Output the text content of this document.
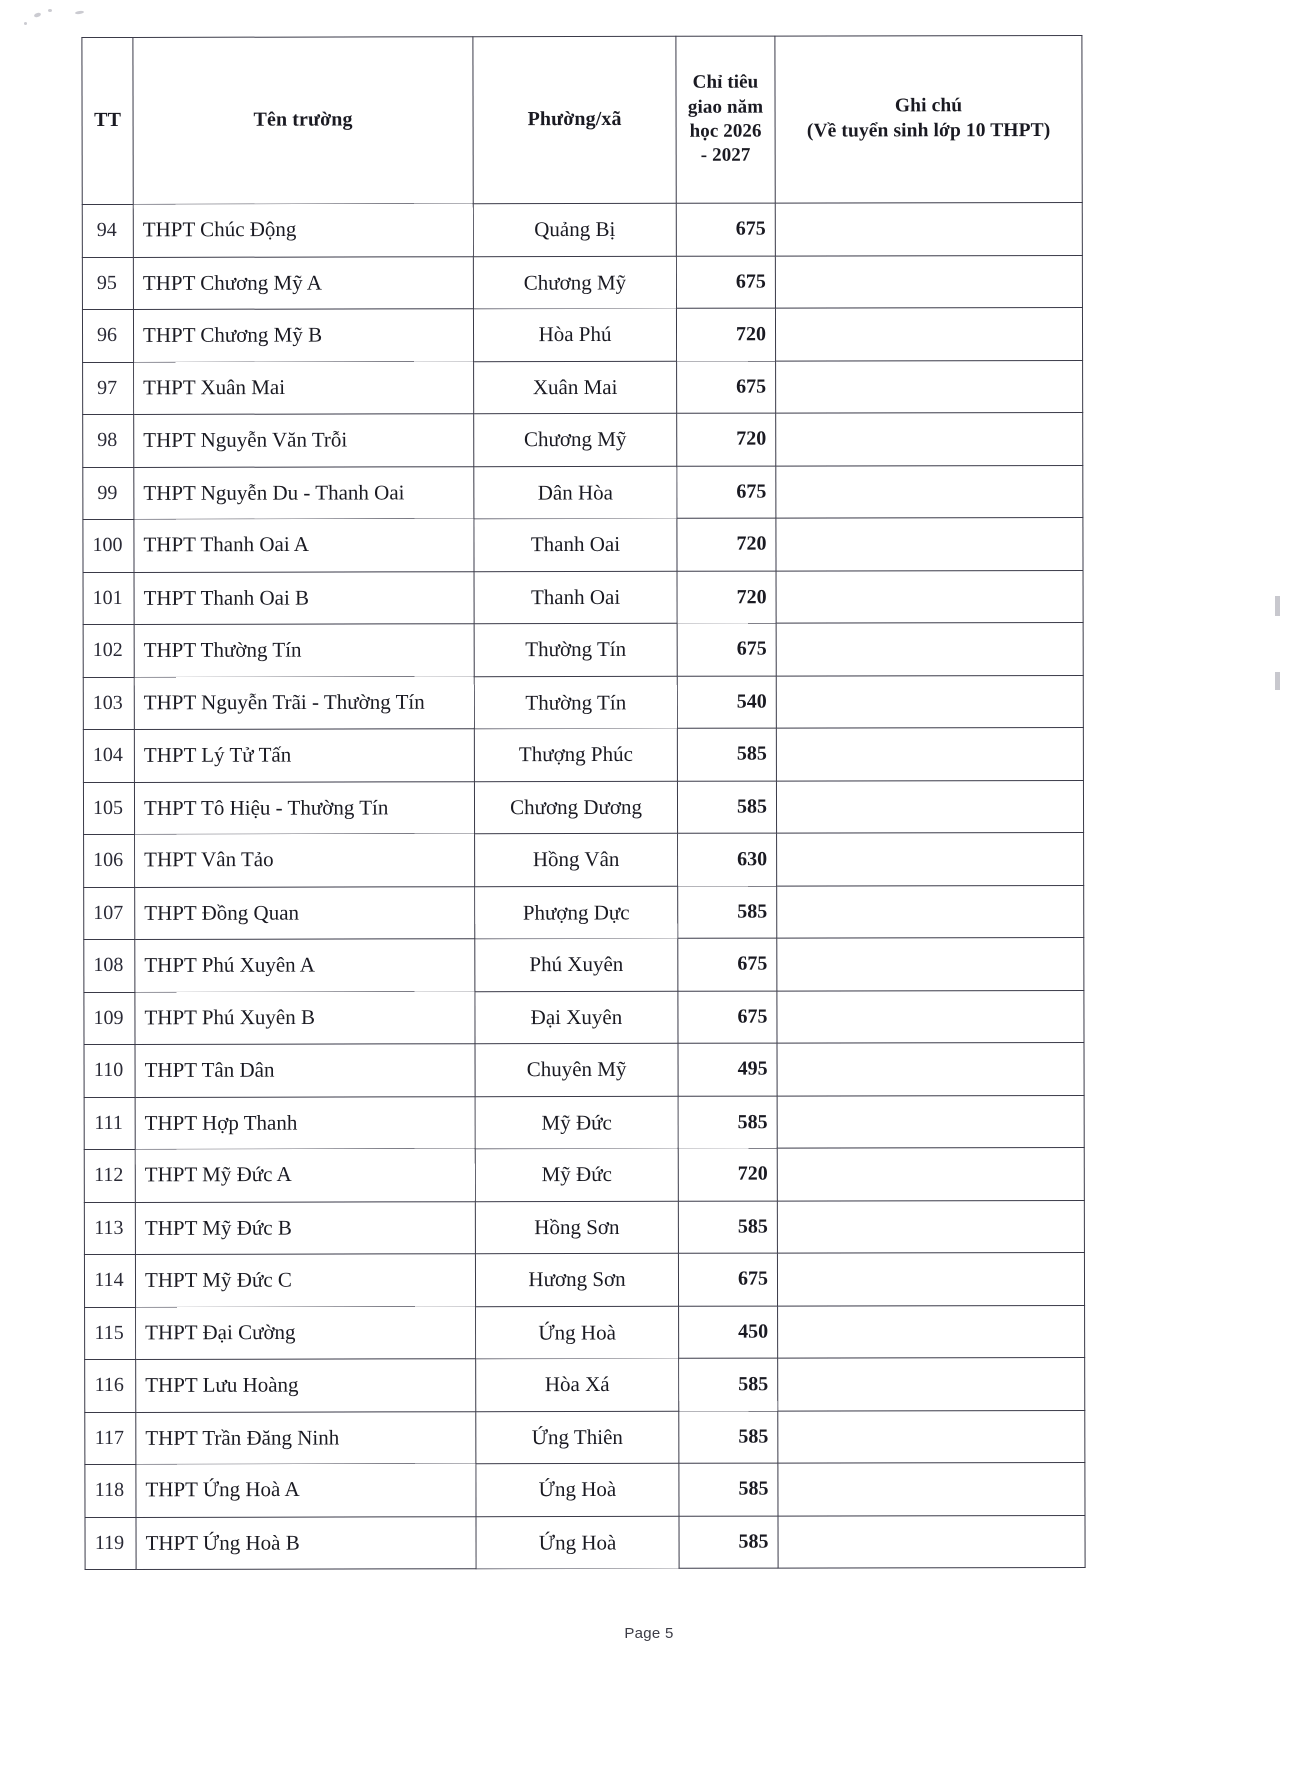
TT	Tên trường	Phường/xã	Chỉ tiêu giao năm học 2026 - 2027	Ghi chú
(Về tuyển sinh lớp 10 THPT)

94	THPT Chúc Động	Quảng Bị	675	
95	THPT Chương Mỹ A	Chương Mỹ	675	
96	THPT Chương Mỹ B	Hòa Phú	720	
97	THPT Xuân Mai	Xuân Mai	675	
98	THPT Nguyễn Văn Trỗi	Chương Mỹ	720	
99	THPT Nguyễn Du - Thanh Oai	Dân Hòa	675	
100	THPT Thanh Oai A	Thanh Oai	720	
101	THPT Thanh Oai B	Thanh Oai	720	
102	THPT Thường Tín	Thường Tín	675	
103	THPT Nguyễn Trãi - Thường Tín	Thường Tín	540	
104	THPT Lý Tử Tấn	Thượng Phúc	585	
105	THPT Tô Hiệu - Thường Tín	Chương Dương	585	
106	THPT Vân Tảo	Hồng Vân	630	
107	THPT Đồng Quan	Phượng Dực	585	
108	THPT Phú Xuyên A	Phú Xuyên	675	
109	THPT Phú Xuyên B	Đại Xuyên	675	
110	THPT Tân Dân	Chuyên Mỹ	495	
111	THPT Hợp Thanh	Mỹ Đức	585	
112	THPT Mỹ Đức A	Mỹ Đức	720	
113	THPT Mỹ Đức B	Hồng Sơn	585	
114	THPT Mỹ Đức C	Hương Sơn	675	
115	THPT Đại Cường	Ứng Hoà	450	
116	THPT Lưu Hoàng	Hòa Xá	585	
117	THPT Trần Đăng Ninh	Ứng Thiên	585	
118	THPT Ứng Hoà A	Ứng Hoà	585	
119	THPT Ứng Hoà B	Ứng Hoà	585	
Page 5
